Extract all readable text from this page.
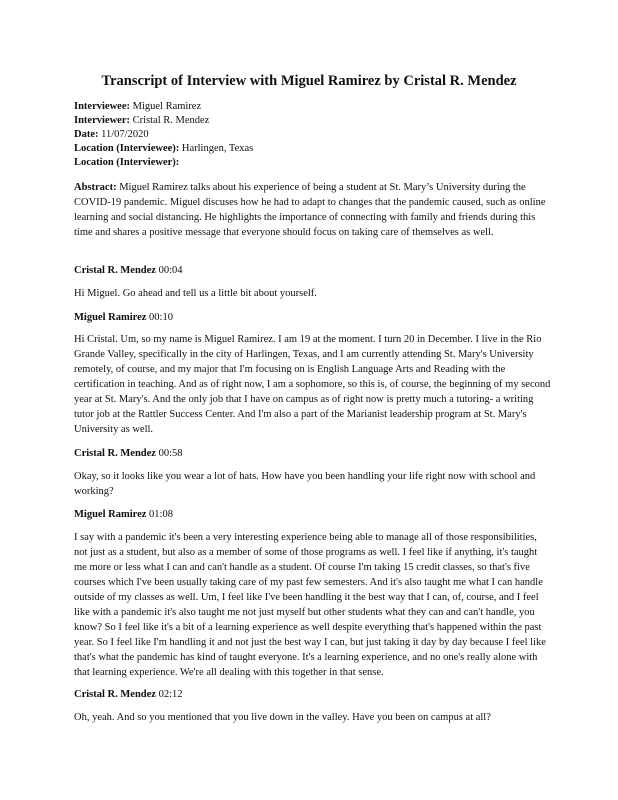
Transcript of Interview with Miguel Ramirez by Cristal R. Mendez
Interviewee: Miguel Ramirez
Interviewer: Cristal R. Mendez
Date: 11/07/2020
Location (Interviewee): Harlingen, Texas
Location (Interviewer):
Abstract: Miguel Ramirez talks about his experience of being a student at St. Mary’s University during the COVID-19 pandemic. Miguel discuses how he had to adapt to changes that the pandemic caused, such as online learning and social distancing. He highlights the importance of connecting with family and friends during this time and shares a positive message that everyone should focus on taking care of themselves as well.
Cristal R. Mendez 00:04
Hi Miguel. Go ahead and tell us a little bit about yourself.
Miguel Ramirez 00:10
Hi Cristal. Um, so my name is Miguel Ramirez. I am 19 at the moment. I turn 20 in December. I live in the Rio Grande Valley, specifically in the city of Harlingen, Texas, and I am currently attending St. Mary's University remotely, of course, and my major that I'm focusing on is English Language Arts and Reading with the certification in teaching. And as of right now, I am a sophomore, so this is, of course, the beginning of my second year at St. Mary's. And the only job that I have on campus as of right now is pretty much a tutoring- a writing tutor job at the Rattler Success Center. And I'm also a part of the Marianist leadership program at St. Mary's University as well.
Cristal R. Mendez 00:58
Okay, so it looks like you wear a lot of hats. How have you been handling your life right now with school and working?
Miguel Ramirez 01:08
I say with a pandemic it's been a very interesting experience being able to manage all of those responsibilities, not just as a student, but also as a member of some of those programs as well. I feel like if anything, it's taught me more or less what I can and can't handle as a student. Of course I'm taking 15 credit classes, so that's five courses which I've been usually taking care of my past few semesters. And it's also taught me what I can handle outside of my classes as well. Um, I feel like I've been handling it the best way that I can, of, course, and I feel like with a pandemic it's also taught me not just myself but other students what they can and can't handle, you know? So I feel like it's a bit of a learning experience as well despite everything that's happened within the past year. So I feel like I'm handling it and not just the best way I can, but just taking it day by day because I feel like that's what the pandemic has kind of taught everyone. It's a learning experience, and no one's really alone with that learning experience. We're all dealing with this together in that sense.
Cristal R. Mendez 02:12
Oh, yeah. And so you mentioned that you live down in the valley. Have you been on campus at all?
